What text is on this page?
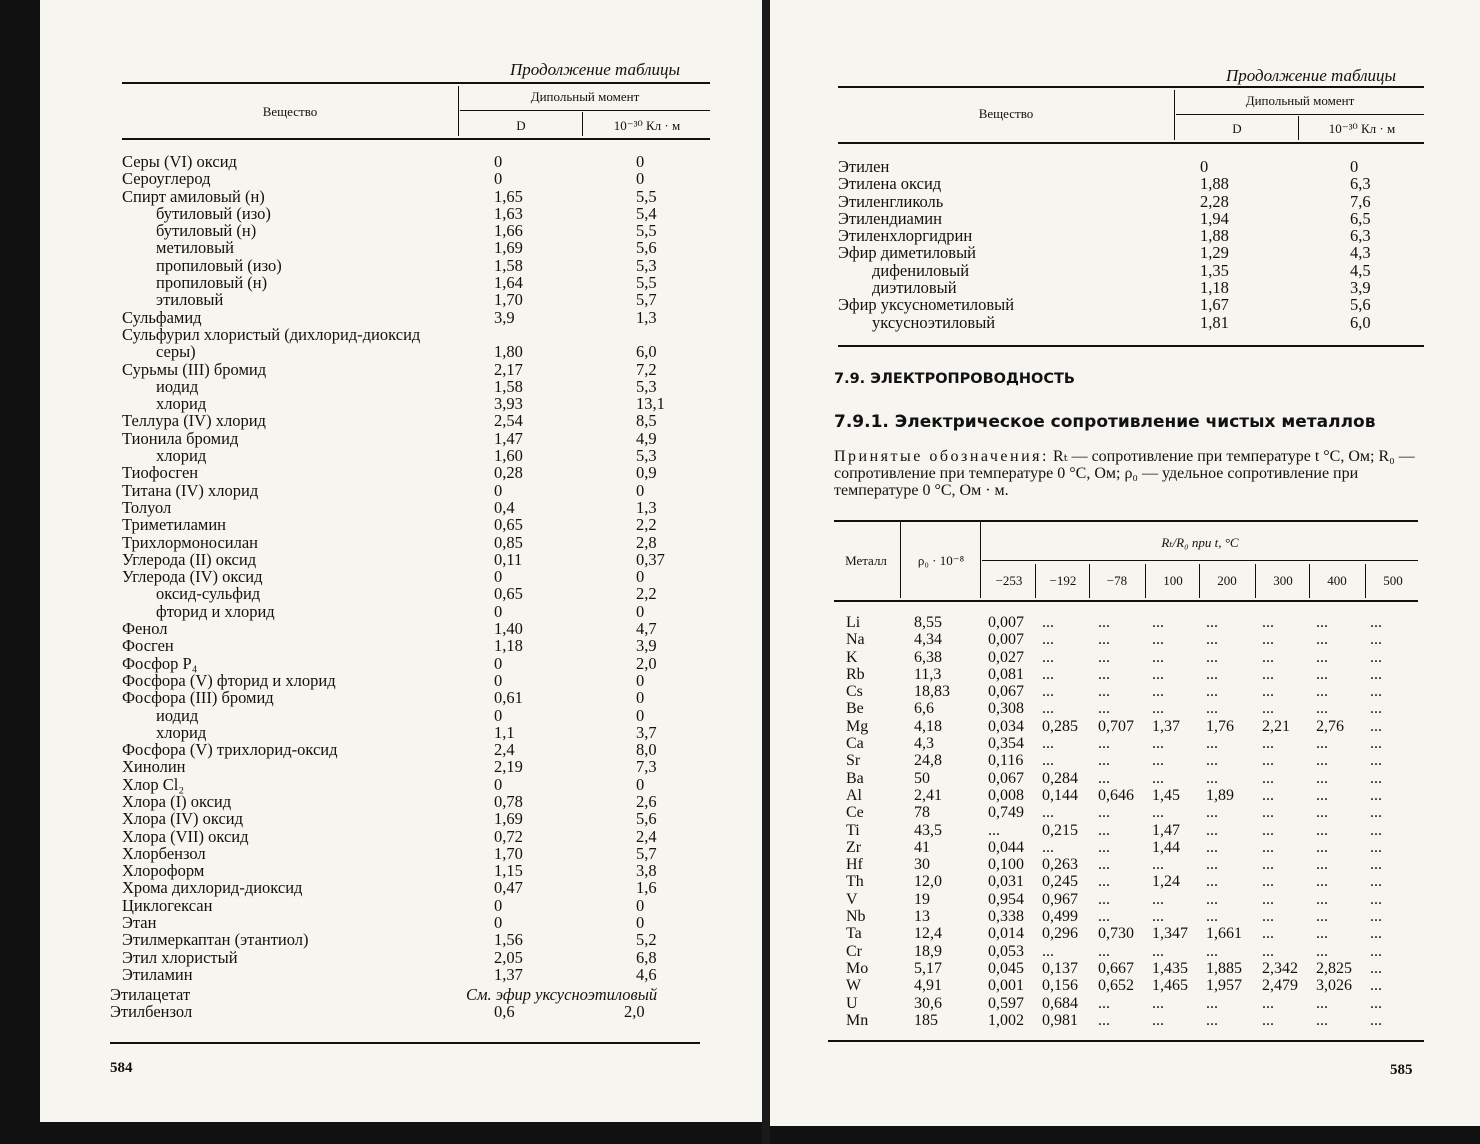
Продолжение таблицы
Вещество
Дипольный момент
D	10⁻³⁰ Кл · м
Серы (VI) оксид	0	0
Сероуглерод	0	0
Спирт амиловый (н)	1,65	5,5
бутиловый (изо)	1,63	5,4
бутиловый (н)	1,66	5,5
метиловый	1,69	5,6
пропиловый (изо)	1,58	5,3
пропиловый (н)	1,64	5,5
этиловый	1,70	5,7
Сульфамид	3,9	1,3
Сульфурил хлористый (дихлорид-диоксид
серы)	1,80	6,0
Сурьмы (III) бромид	2,17	7,2
иодид	1,58	5,3
хлорид	3,93	13,1
Теллура (IV) хлорид	2,54	8,5
Тионила бромид	1,47	4,9
хлорид	1,60	5,3
Тиофосген	0,28	0,9
Титана (IV) хлорид	0	0
Толуол	0,4	1,3
Триметиламин	0,65	2,2
Трихлормоносилан	0,85	2,8
Углерода (II) оксид	0,11	0,37
Углерода (IV) оксид	0	0
оксид-сульфид	0,65	2,2
фторид и хлорид	0	0
Фенол	1,40	4,7
Фосген	1,18	3,9
Фосфор P₄	0	2,0
Фосфора (V) фторид и хлорид	0	0
Фосфора (III) бромид	0,61	0
иодид	0	0
хлорид	1,1	3,7
Фосфора (V) трихлорид-оксид	2,4	8,0
Хинолин	2,19	7,3
Хлор Cl₂	0	0
Хлора (I) оксид	0,78	2,6
Хлора (IV) оксид	1,69	5,6
Хлора (VII) оксид	0,72	2,4
Хлорбензол	1,70	5,7
Хлороформ	1,15	3,8
Хрома дихлорид-диоксид	0,47	1,6
Циклогексан	0	0
Этан	0	0
Этилмеркаптан (этантиол)	1,56	5,2
Этил хлористый	2,05	6,8
Этиламин	1,37	4,6
Этилацетат	См. эфир уксусноэтиловый
Этилбензол	0,6	2,0
584
Продолжение таблицы
Вещество
Дипольный момент
D	10⁻³⁰ Кл · м
Этилен	0	0
Этилена оксид	1,88	6,3
Этиленгликоль	2,28	7,6
Этилендиамин	1,94	6,5
Этиленхлоргидрин	1,88	6,3
Эфир диметиловый	1,29	4,3
дифениловый	1,35	4,5
диэтиловый	1,18	3,9
Эфир уксуснометиловый	1,67	5,6
уксусноэтиловый	1,81	6,0
7.9. ЭЛЕКТРОПРОВОДНОСТЬ
7.9.1. Электрическое сопротивление чистых металлов
Принятые обозначения: Rₜ — сопротивление при температуре t °C, Ом; R₀ — сопротивление при температуре 0 °C, Ом; ρ₀ — удельное сопротивление при температуре 0 °C, Ом · м.
Металл	ρ₀ · 10⁻⁸
Rₜ/R₀ при t, °C
−253	−192	−78	100	200	300	400	500
Li	8,55	0,007 ...	...	...	...	...	...	...
Na	4,34	0,007 ...	...	...	...	...	...	...
K	6,38	0,027 ...	...	...	...	...	...	...
Rb	11,3	0,081 ...	...	...	...	...	...	...
Cs	18,83 0,067 ...	...	...	...	...	...	...
Be	6,6	0,308 ...	...	...	...	...	...	...
Mg	4,18	0,034 0,285 0,707 1,37 1,76 2,21 2,76 ...
Ca	4,3	0,354 ...	...	...	...	...	...	...
Sr	24,8	0,116 ...	...	...	...	...	...	...
Ba	50	0,067 0,284 ...	...	...	...	...	...
Al	2,41	0,008 0,144 0,646 1,45 1,89 ...	...	...
Ce	78	0,749 ...	...	...	...	...	...	...
Ti	43,5	...	0,215 ...	1,47 ...	...	...	...
Zr	41	0,044 ...	...	1,44 ...	...	...	...
Hf	30	0,100 0,263 ...	...	...	...	...	...
Th	12,0	0,031 0,245 ...	1,24 ...	...	...	...
V	19	0,954 0,967 ...	...	...	...	...	...
Nb	13	0,338 0,499 ...	...	...	...	...	...
Ta	12,4	0,014 0,296 0,730 1,347 1,661 ...	...	...
Cr	18,9	0,053 ...	...	...	...	...	...	...
Mo	5,17	0,045 0,137 0,667 1,435 1,885 2,342 2,825 ...
W	4,91	0,001 0,156 0,652 1,465 1,957 2,479 3,026 ...
U	30,6	0,597 0,684 ...	...	...	...	...	...
Mn	185	1,002 0,981 ...	...	...	...	...	...
585
